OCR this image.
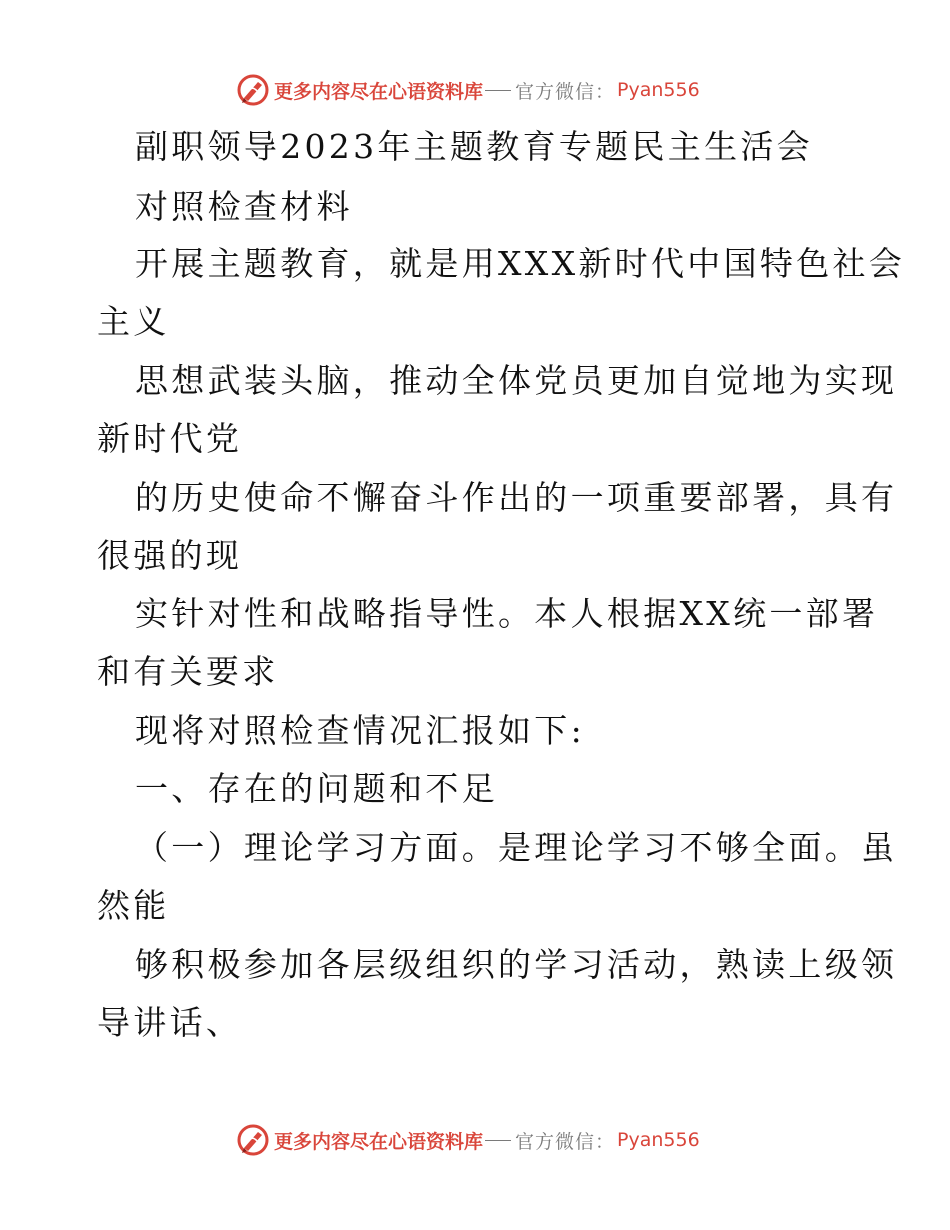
更多内容尽在心语资料库 官方微信： Pyan556
副职领导2023年主题教育专题民主生活会
对照检查材料
开展主题教育，就是用XXX新时代中国特色社会
主义
思想武装头脑，推动全体党员更加自觉地为实现
新时代党
的历史使命不懈奋斗作出的一项重要部署，具有
很强的现
实针对性和战略指导性。本人根据XX统一部署
和有关要求
现将对照检查情况汇报如下:
一、存在的问题和不足
（一）理论学习方面。是理论学习不够全面。虽
然能
够积极参加各层级组织的学习活动，熟读上级领
导讲话、
更多内容尽在心语资料库 官方微信： Pyan556
